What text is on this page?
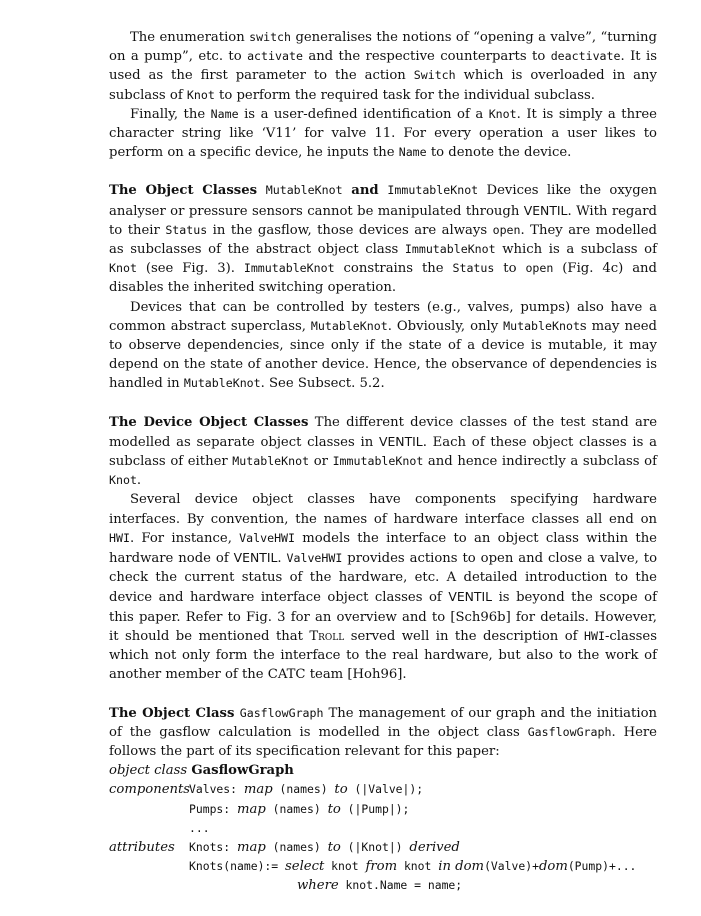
The enumeration switch generalises the notions of “opening a valve”, “turning on a pump”, etc. to activate and the respective counterparts to deactivate. It is used as the first parameter to the action Switch which is overloaded in any subclass of Knot to perform the required task for the individual subclass.

Finally, the Name is a user-defined identification of a Knot. It is simply a three character string like ‘V11’ for valve 11. For every operation a user likes to perform on a specific device, he inputs the Name to denote the device.

The Object Classes MutableKnot and ImmutableKnot Devices like the oxygen analyser or pressure sensors cannot be manipulated through VENTIL. With regard to their Status in the gasflow, those devices are always open. They are modelled as subclasses of the abstract object class ImmutableKnot which is a subclass of Knot (see Fig. 3). ImmutableKnot constrains the Status to open (Fig. 4c) and disables the inherited switching operation.

Devices that can be controlled by testers (e.g., valves, pumps) also have a common abstract superclass, MutableKnot. Obviously, only MutableKnots may need to observe dependencies, since only if the state of a device is mutable, it may depend on the state of another device. Hence, the observance of dependencies is handled in MutableKnot. See Subsect. 5.2.

The Device Object Classes The different device classes of the test stand are modelled as separate object classes in VENTIL. Each of these object classes is a subclass of either MutableKnot or ImmutableKnot and hence indirectly a subclass of Knot.

Several device object classes have components specifying hardware interfaces. By convention, the names of hardware interface classes all end on HWI. For instance, ValveHWI models the interface to an object class within the hardware node of VENTIL. ValveHWI provides actions to open and close a valve, to check the current status of the hardware, etc. A detailed introduction to the device and hardware interface object classes of VENTIL is beyond the scope of this paper. Refer to Fig. 3 for an overview and to [Sch96b] for details. However, it should be mentioned that Troll served well in the description of HWI-classes which not only form the interface to the real hardware, but also to the work of another member of the CATC team [Hoh96].

The Object Class GasflowGraph The management of our graph and the initiation of the gasflow calculation is modelled in the object class GasflowGraph. Here follows the part of its specification relevant for this paper:

object class
GasflowGraph
components
Valves: map (names) to (|Valve|);
Pumps: map (names) to (|Pump|);
...
attributes	Knots: map (names) to (|Knot|) derived
Knots(name):= select knot from knot in dom(Valve)+dom(Pump)+...
where knot.Name = name;
